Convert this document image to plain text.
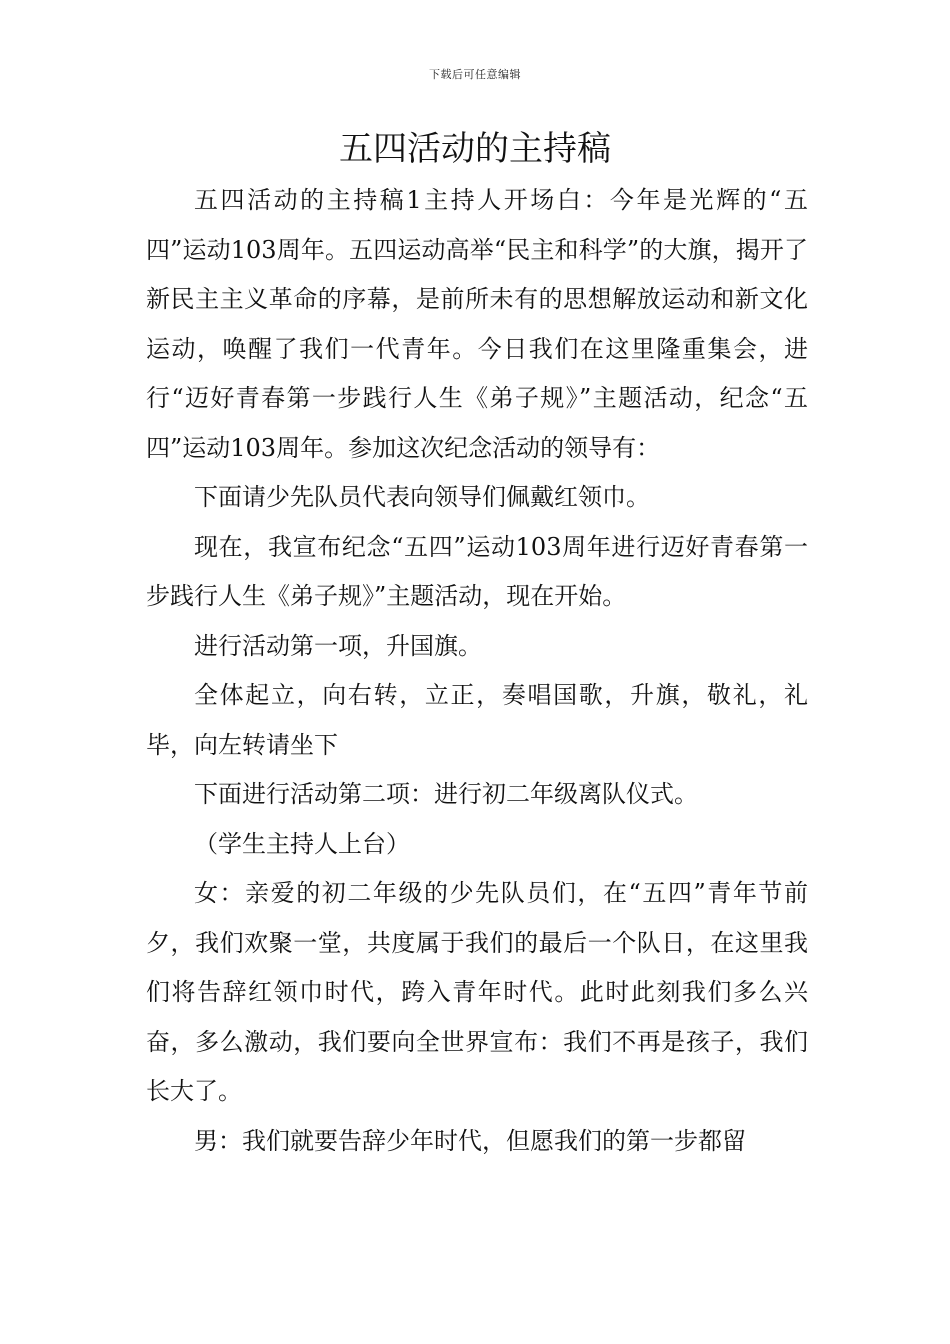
下载后可任意编辑
五四活动的主持稿

五四活动的主持稿1主持人开场白：今年是光辉的“五四”运动103周年。五四运动高举“民主和科学”的大旗，揭开了新民主主义革命的序幕，是前所未有的思想解放运动和新文化运动，唤醒了我们一代青年。今日我们在这里隆重集会，进行“迈好青春第一步践行人生《弟子规》”主题活动，纪念“五四”运动103周年。参加这次纪念活动的领导有：

下面请少先队员代表向领导们佩戴红领巾。

现在，我宣布纪念“五四”运动103周年进行迈好青春第一步践行人生《弟子规》”主题活动，现在开始。

进行活动第一项，升国旗。

全体起立，向右转，立正，奏唱国歌，升旗，敬礼，礼毕，向左转请坐下

下面进行活动第二项：进行初二年级离队仪式。

（学生主持人上台）

女：亲爱的初二年级的少先队员们，在“五四”青年节前夕，我们欢聚一堂，共度属于我们的最后一个队日，在这里我们将告辞红领巾时代，跨入青年时代。此时此刻我们多么兴奋，多么激动，我们要向全世界宣布：我们不再是孩子，我们长大了。

男：我们就要告辞少年时代，但愿我们的第一步都留
